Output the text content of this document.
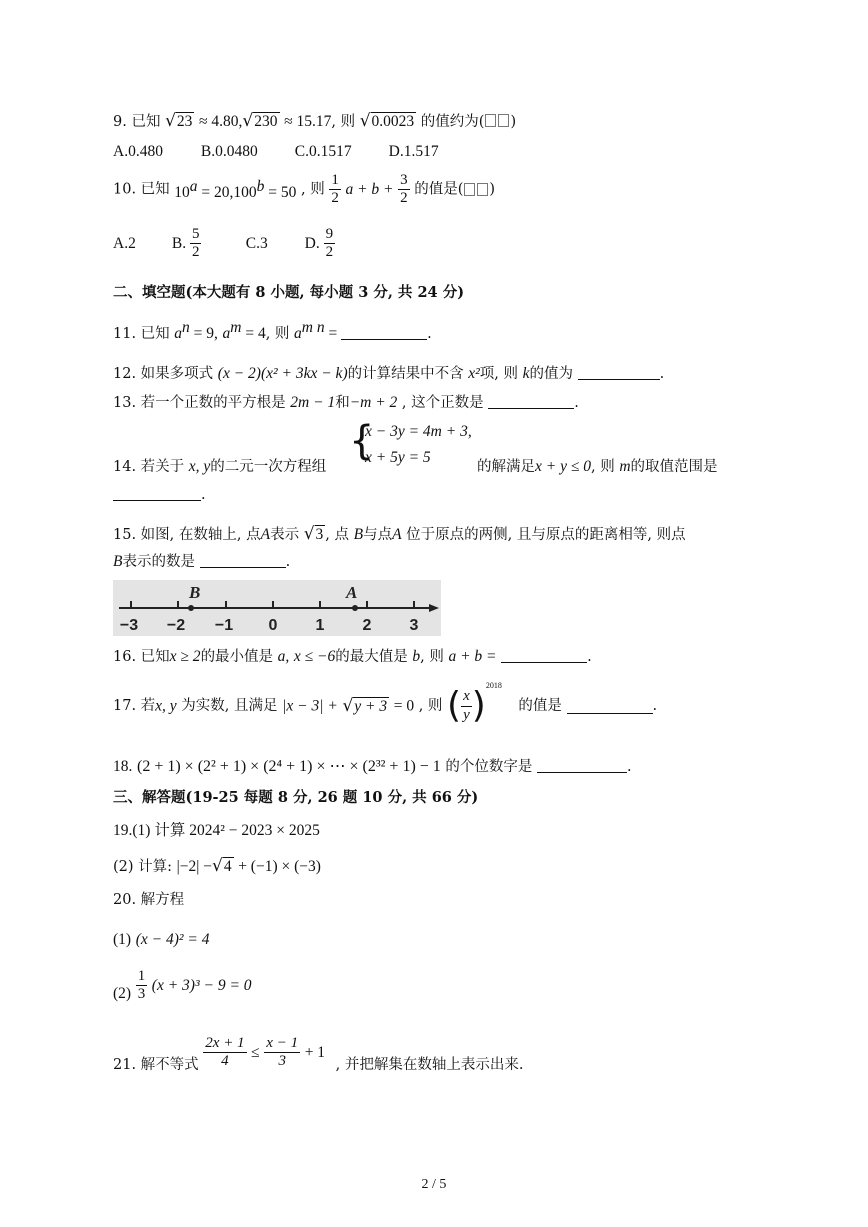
9. 已知 √23 ≈ 4.80,√230 ≈ 15.17, 则 √0.0023 的值约为( )
A.0.480 B.0.0480 C.0.1517 D.1.517
10. 已知 $10^a = 20,100^b = 50$ , 则 $\frac{1}{2}$ $a + b + \frac{3}{2}$ 的值是( )
A.2 B. $\frac{5}{2}$	C.3 D. $\frac{9}{2}$
二、填空题(本大题有 8 小题, 每小题 3 分, 共 24 分)
11. 已知 $a^n = 9$, $a^m = 4$, 则 $a^{m n}$ =	.
12. 如果多项式 (x − 2)(x² + 3kx − k)的计算结果中不含 x²项, 则 k的值为	.
13. 若一个正数的平方根是 2m − 1和−m + 2 , 这个正数是	.
{
x − 3y = 4m + 3,
x + 5y = 5
14. 若关于 x, y的二元一次方程组	的解满足x + y ≤ 0, 则 m的取值范围是
.
15. 如图, 在数轴上, 点A表示 √3 , 点 B与点A 位于原点的两侧, 且与原点的距离相等, 则点
B表示的数是	.
B	A
−3 −2 −1 0 1 2 3
16. 已知x ≥ 2的最小值是 a, x ≤ −6的最大值是 b, 则 a + b =	.
17. 若x, y 为实数, 且满足 |x − 3| + √y + 3 = 0 , 则 ( $\frac{x}{y} )^{2018}$ 的值是	.
18. (2 + 1) × (2² + 1) × (2⁴ + 1) × ⋯ × (2³² + 1) − 1 的个位数字是	.
三、解答题(19-25 每题 8 分, 26 题 10 分, 共 66 分)
19.(1) 计算 2024² − 2023 × 2025
(2) 计算: |−2| −√4 + (−1) × (−3)
20. 解方程
(1) (x − 4)² = 4
$(2) \frac{1}{3} (x + 3)^3 - 9 = 0$
21. 解不等式 $\frac{2x + 1}{4} \le \frac{x - 1}{3} + 1$ , 并把解集在数轴上表示出来.
2 / 5
